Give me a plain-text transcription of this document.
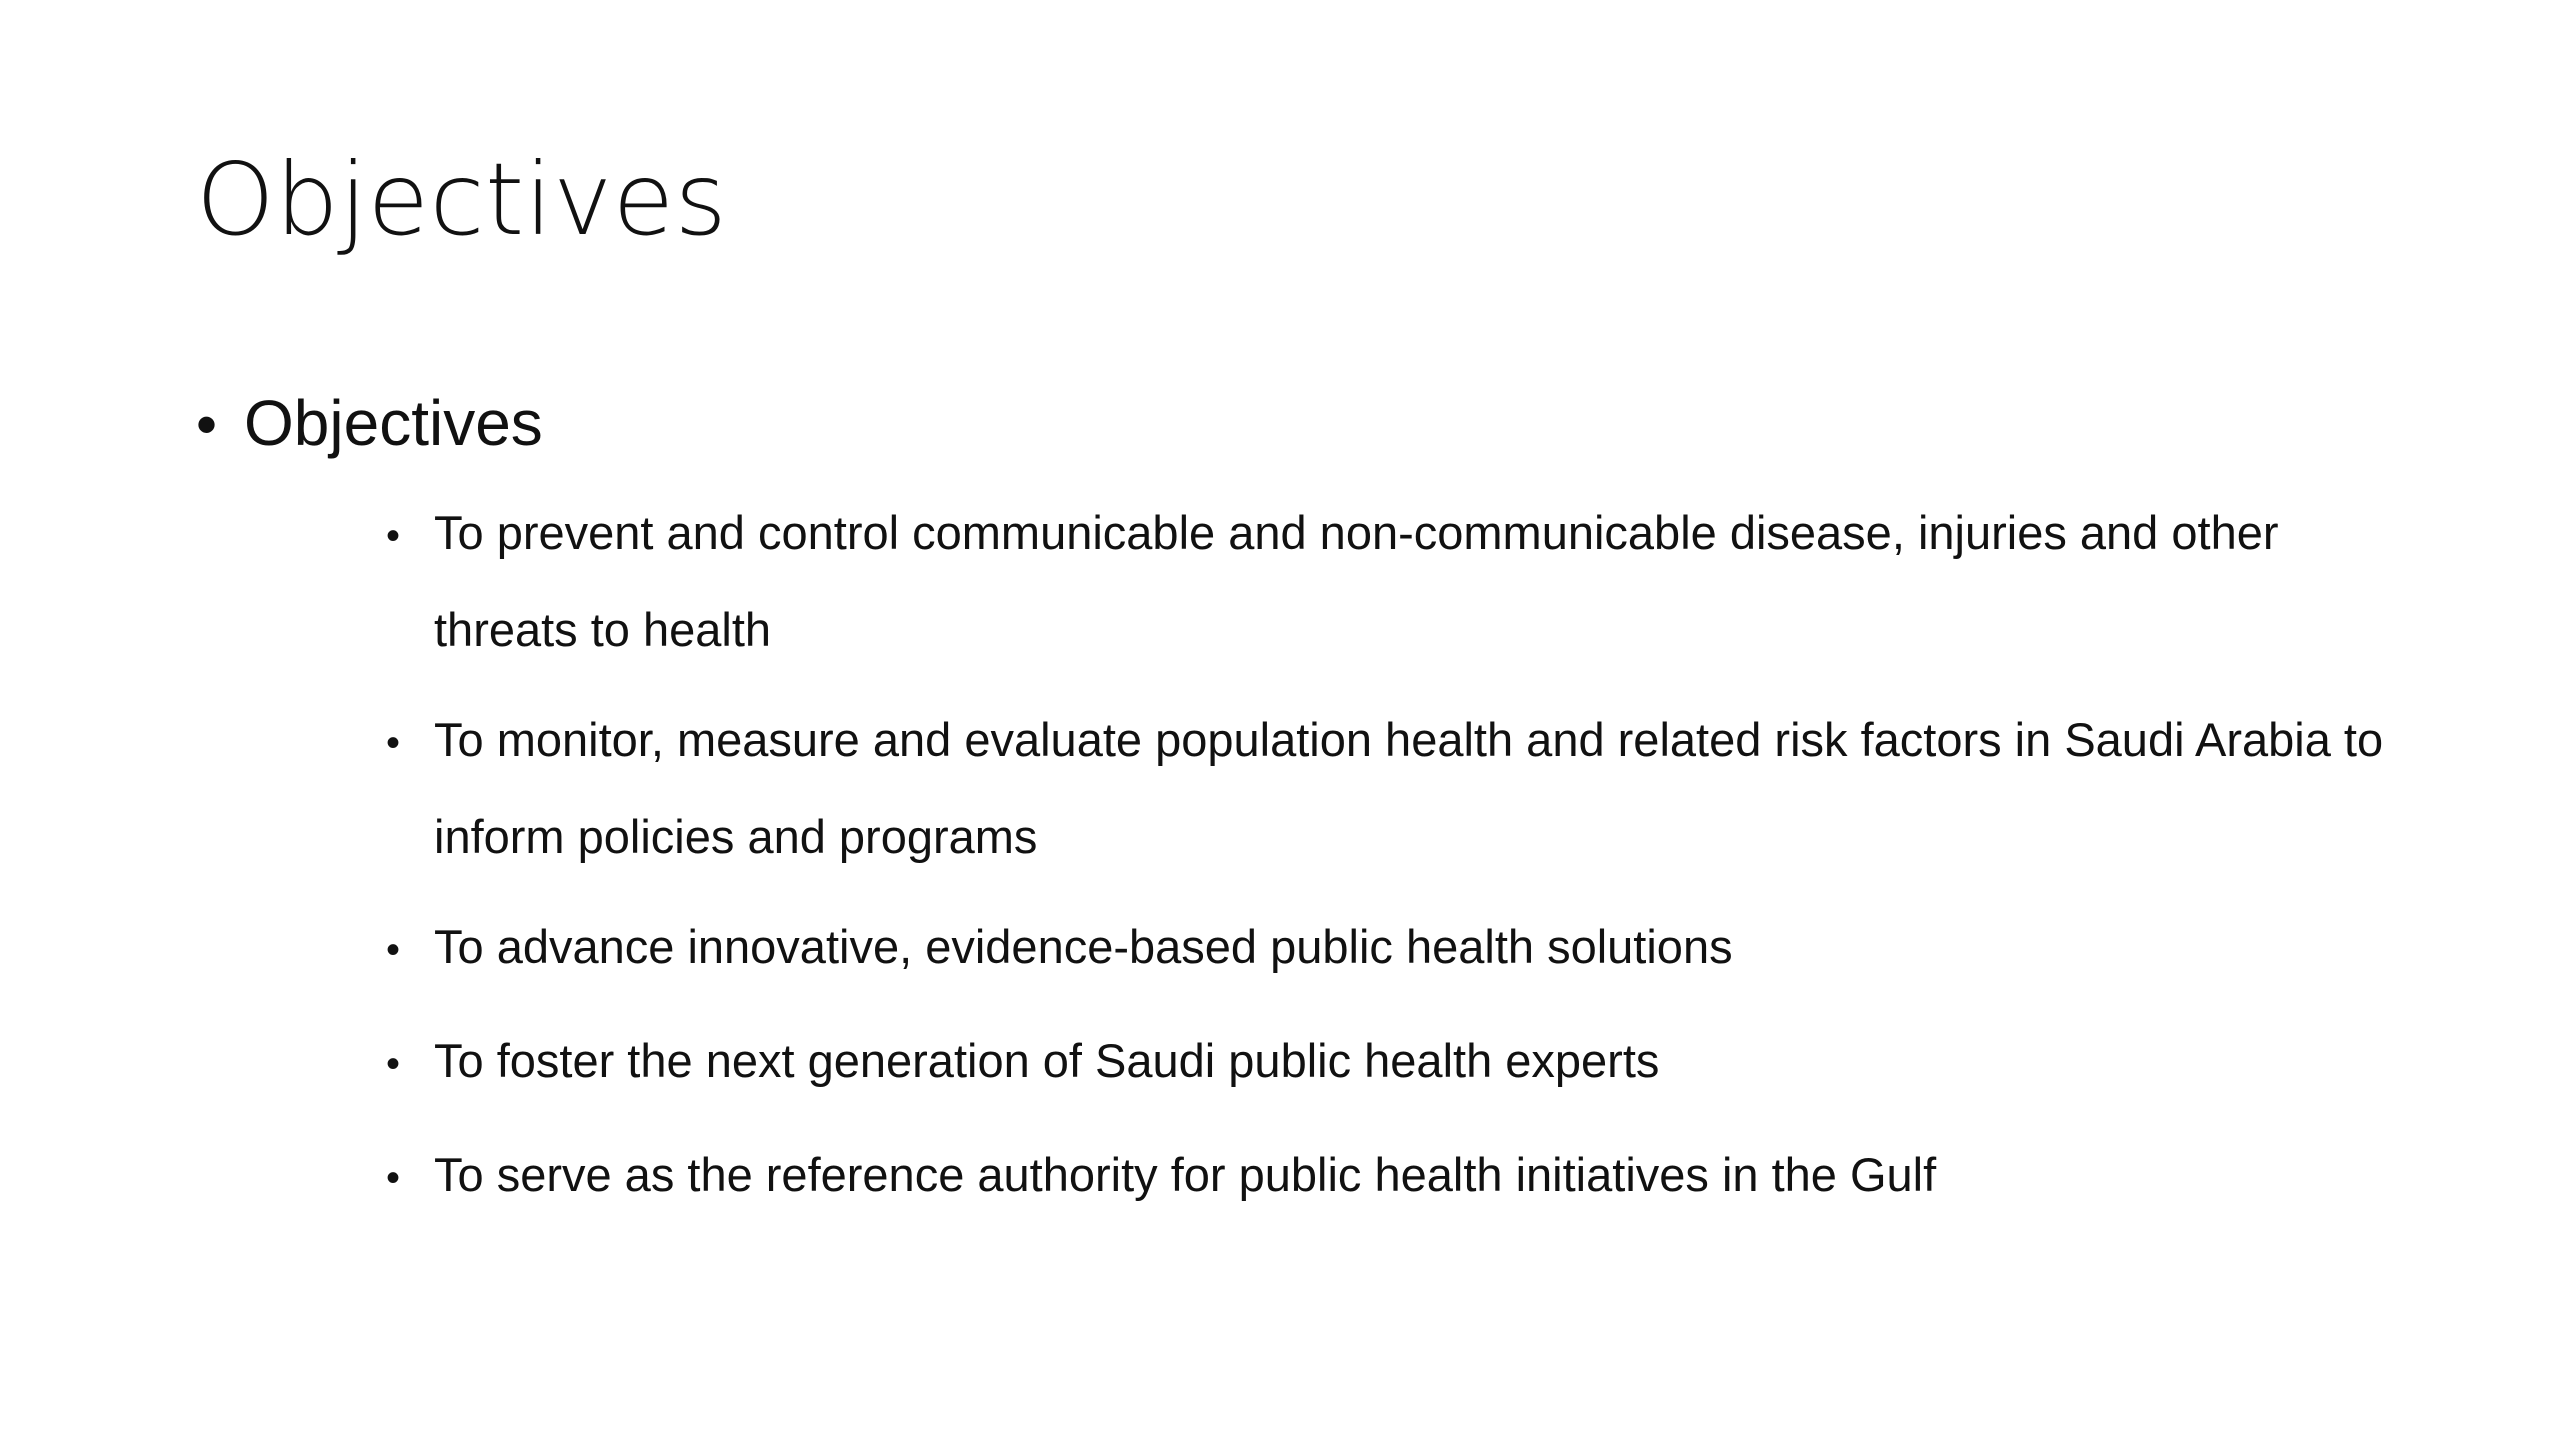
Objectives
• Objectives
• To prevent and control communicable and non-communicable disease, injuries and other threats to health
• To monitor, measure and evaluate population health and related risk factors in Saudi Arabia to inform policies and programs
• To advance innovative, evidence-based public health solutions
• To foster the next generation of Saudi public health experts
• To serve as the reference authority for public health initiatives in the Gulf
